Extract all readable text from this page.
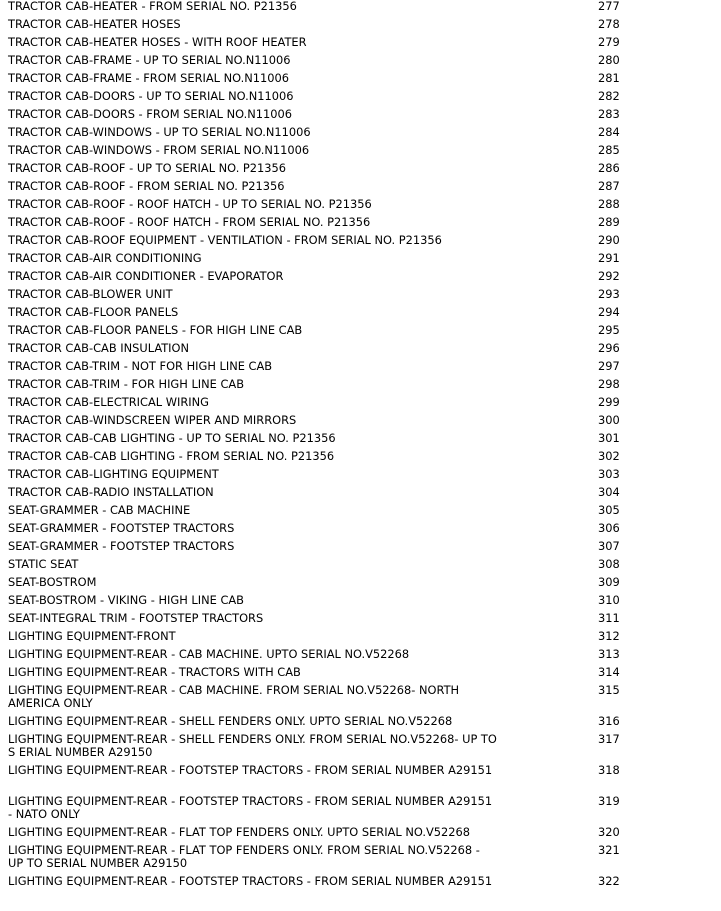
TRACTOR CAB-HEATER - FROM SERIAL NO. P21356		277
TRACTOR CAB-HEATER HOSES		278
TRACTOR CAB-HEATER HOSES - WITH ROOF HEATER		279
TRACTOR CAB-FRAME - UP TO SERIAL NO.N11006		280
TRACTOR CAB-FRAME - FROM SERIAL NO.N11006		281
TRACTOR CAB-DOORS - UP TO SERIAL NO.N11006		282
TRACTOR CAB-DOORS - FROM SERIAL NO.N11006		283
TRACTOR CAB-WINDOWS - UP TO SERIAL NO.N11006		284
TRACTOR CAB-WINDOWS - FROM SERIAL NO.N11006		285
TRACTOR CAB-ROOF - UP TO SERIAL NO. P21356		286
TRACTOR CAB-ROOF - FROM SERIAL NO. P21356		287
TRACTOR CAB-ROOF - ROOF HATCH - UP TO SERIAL NO. P21356		288
TRACTOR CAB-ROOF - ROOF HATCH - FROM SERIAL NO. P21356		289
TRACTOR CAB-ROOF EQUIPMENT - VENTILATION - FROM SERIAL NO. P21356		290
TRACTOR CAB-AIR CONDITIONING		291
TRACTOR CAB-AIR CONDITIONER - EVAPORATOR		292
TRACTOR CAB-BLOWER UNIT		293
TRACTOR CAB-FLOOR PANELS		294
TRACTOR CAB-FLOOR PANELS - FOR HIGH LINE CAB		295
TRACTOR CAB-CAB INSULATION		296
TRACTOR CAB-TRIM - NOT FOR HIGH LINE CAB		297
TRACTOR CAB-TRIM - FOR HIGH LINE CAB		298
TRACTOR CAB-ELECTRICAL WIRING		299
TRACTOR CAB-WINDSCREEN WIPER AND MIRRORS		300
TRACTOR CAB-CAB LIGHTING - UP TO SERIAL NO. P21356		301
TRACTOR CAB-CAB LIGHTING - FROM SERIAL NO. P21356		302
TRACTOR CAB-LIGHTING EQUIPMENT		303
TRACTOR CAB-RADIO INSTALLATION		304
SEAT-GRAMMER - CAB MACHINE		305
SEAT-GRAMMER - FOOTSTEP TRACTORS		306
SEAT-GRAMMER - FOOTSTEP TRACTORS		307
STATIC SEAT		308
SEAT-BOSTROM		309
SEAT-BOSTROM - VIKING - HIGH LINE CAB		310
SEAT-INTEGRAL TRIM - FOOTSTEP TRACTORS		311
LIGHTING EQUIPMENT-FRONT		312
LIGHTING EQUIPMENT-REAR - CAB MACHINE. UPTO SERIAL NO.V52268		313
LIGHTING EQUIPMENT-REAR - TRACTORS WITH CAB		314
LIGHTING EQUIPMENT-REAR - CAB MACHINE. FROM SERIAL NO.V52268- NORTH AMERICA ONLY		315
LIGHTING EQUIPMENT-REAR - SHELL FENDERS ONLY. UPTO SERIAL NO.V52268		316
LIGHTING EQUIPMENT-REAR - SHELL FENDERS ONLY. FROM SERIAL NO.V52268- UP TO S ERIAL NUMBER A29150		317
LIGHTING EQUIPMENT-REAR - FOOTSTEP TRACTORS - FROM SERIAL NUMBER A29151		318
LIGHTING EQUIPMENT-REAR - FOOTSTEP TRACTORS - FROM SERIAL NUMBER A29151 - NATO ONLY		319
LIGHTING EQUIPMENT-REAR - FLAT TOP FENDERS ONLY. UPTO SERIAL NO.V52268		320
LIGHTING EQUIPMENT-REAR - FLAT TOP FENDERS ONLY. FROM SERIAL NO.V52268 - UP TO SERIAL NUMBER A29150		321
LIGHTING EQUIPMENT-REAR - FOOTSTEP TRACTORS - FROM SERIAL NUMBER A29151		322
